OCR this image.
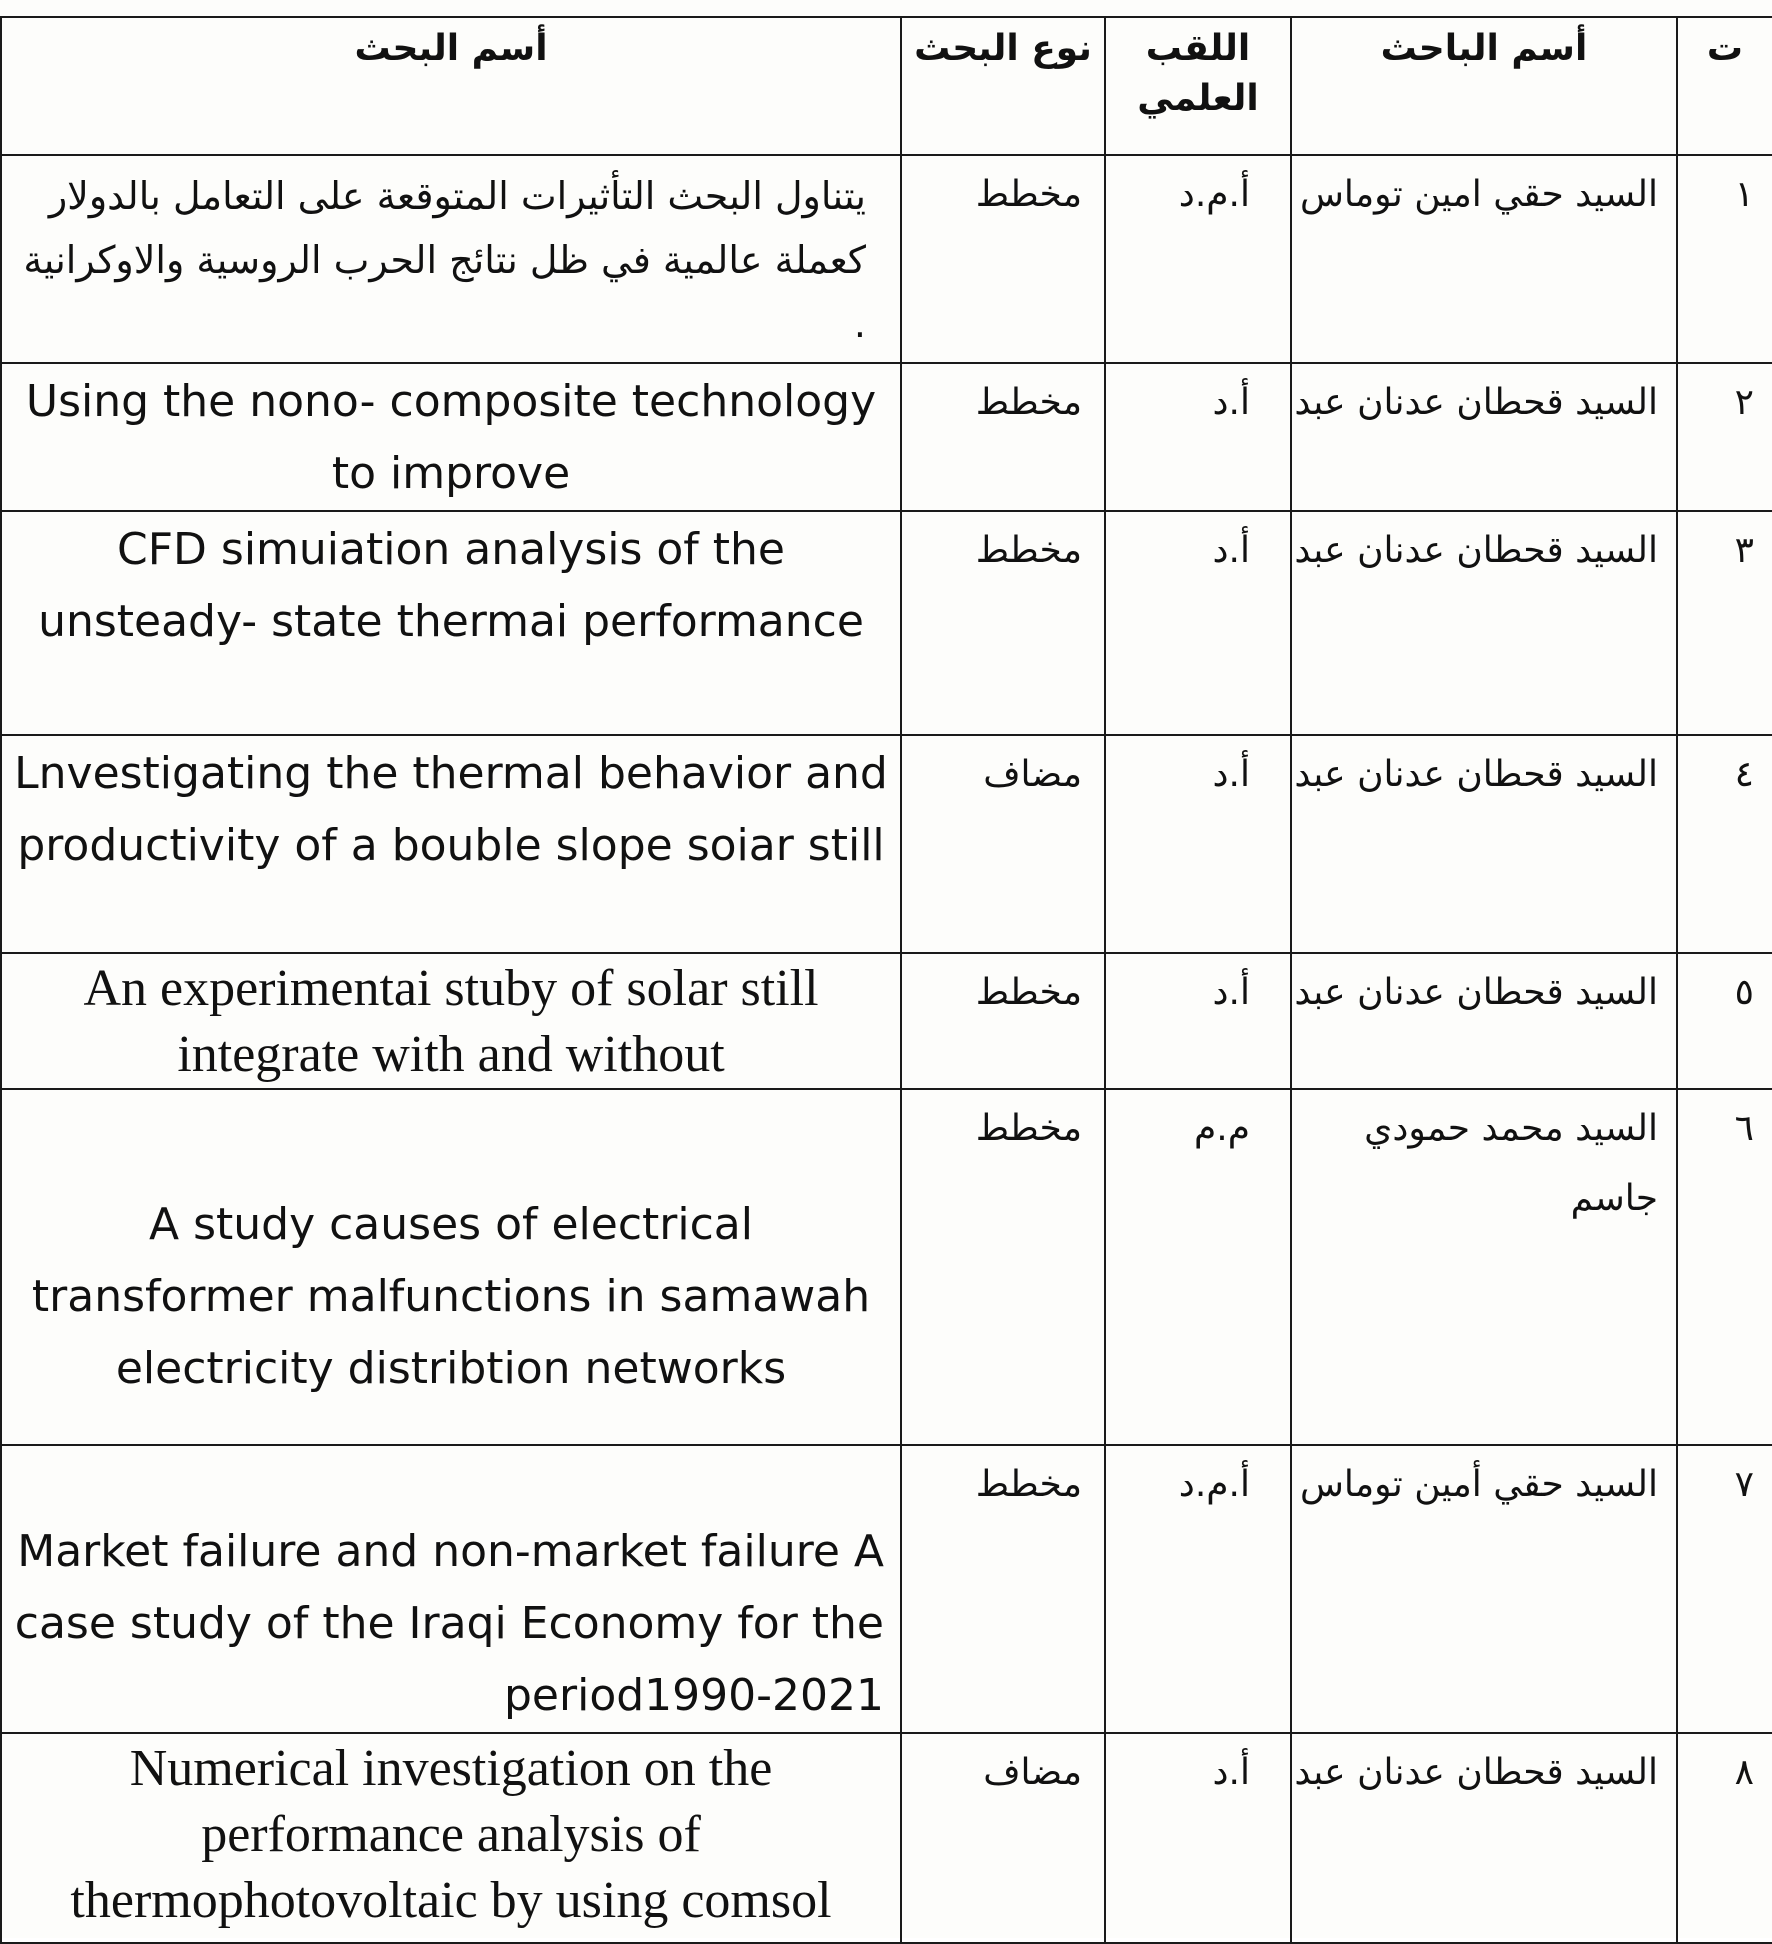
أسم البحث	نوع البحث	اللقب العلمي	أسم الباحث	ت
يتناول البحث التأثيرات المتوقعة على التعامل بالدولار كعملة عالمية في ظل نتائج الحرب الروسية والاوكرانية .	مخطط	أ.م.د	السيد حقي امين توماس	١
Using the nono- composite technology to improve	مخطط	أ.د	السيد قحطان عدنان عبد	٢
CFD simuiation analysis of the unsteady- state thermai performance	مخطط	أ.د	السيد قحطان عدنان عبد	٣
Lnvestigating the thermal behavior and productivity of a bouble slope soiar still	مضاف	أ.د	السيد قحطان عدنان عبد	٤
An experimentai stuby of solar still integrate with and without	مخطط	أ.د	السيد قحطان عدنان عبد	٥
A study causes of electrical transformer malfunctions in samawah electricity distribtion networks	مخطط	م.م	السيد محمد حمودي جاسم	٦
Market failure and non-market failure A case study of the Iraqi Economy for the period1990-2021	مخطط	أ.م.د	السيد حقي أمين توماس	٧
Numerical investigation on the performance analysis of thermophotovoltaic by using comsol	مضاف	أ.د	السيد قحطان عدنان عبد	٨
